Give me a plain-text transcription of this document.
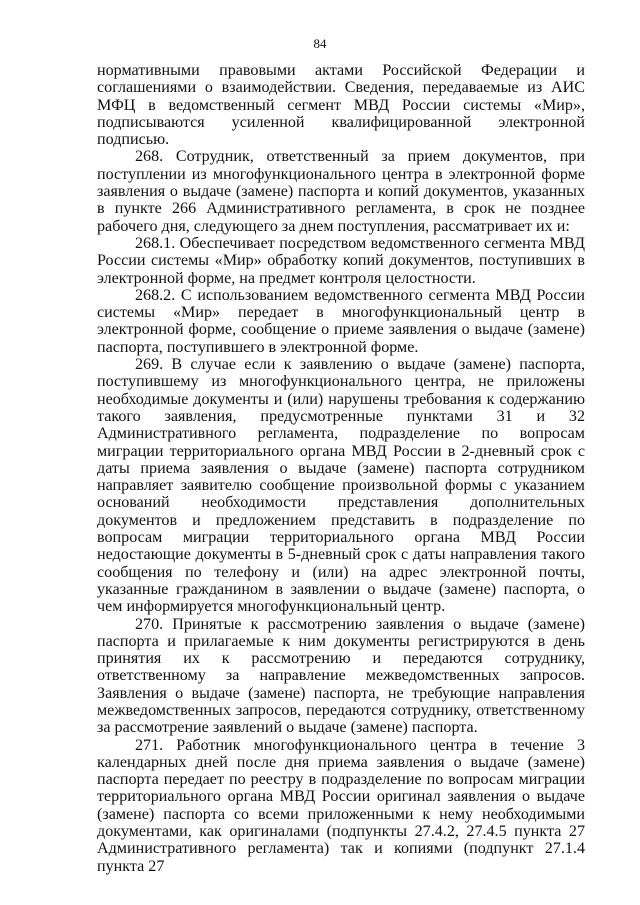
84

нормативными правовыми актами Российской Федерации и соглашениями о взаимодействии. Сведения, передаваемые из АИС МФЦ в ведомственный сегмент МВД России системы «Мир», подписываются усиленной квалифицированной электронной подписью.

268. Сотрудник, ответственный за прием документов, при поступлении из многофункционального центра в электронной форме заявления о выдаче (замене) паспорта и копий документов, указанных в пункте 266 Административного регламента, в срок не позднее рабочего дня, следующего за днем поступления, рассматривает их и:

268.1. Обеспечивает посредством ведомственного сегмента МВД России системы «Мир» обработку копий документов, поступивших в электронной форме, на предмет контроля целостности.

268.2. С использованием ведомственного сегмента МВД России системы «Мир» передает в многофункциональный центр в электронной форме, сообщение о приеме заявления о выдаче (замене) паспорта, поступившего в электронной форме.

269. В случае если к заявлению о выдаче (замене) паспорта, поступившему из многофункционального центра, не приложены необходимые документы и (или) нарушены требования к содержанию такого заявления, предусмотренные пунктами 31 и 32 Административного регламента, подразделение по вопросам миграции территориального органа МВД России в 2-дневный срок с даты приема заявления о выдаче (замене) паспорта сотрудником направляет заявителю сообщение произвольной формы с указанием оснований необходимости представления дополнительных документов и предложением представить в подразделение по вопросам миграции территориального органа МВД России недостающие документы в 5-дневный срок с даты направления такого сообщения по телефону и (или) на адрес электронной почты, указанные гражданином в заявлении о выдаче (замене) паспорта, о чем информируется многофункциональный центр.

270. Принятые к рассмотрению заявления о выдаче (замене) паспорта и прилагаемые к ним документы регистрируются в день принятия их к рассмотрению и передаются сотруднику, ответственному за направление межведомственных запросов. Заявления о выдаче (замене) паспорта, не требующие направления межведомственных запросов, передаются сотруднику, ответственному за рассмотрение заявлений о выдаче (замене) паспорта.

271. Работник многофункционального центра в течение 3 календарных дней после дня приема заявления о выдаче (замене) паспорта передает по реестру в подразделение по вопросам миграции территориального органа МВД России оригинал заявления о выдаче (замене) паспорта со всеми приложенными к нему необходимыми документами, как оригиналами (подпункты 27.4.2, 27.4.5 пункта 27 Административного регламента) так и копиями (подпункт 27.1.4 пункта 27
